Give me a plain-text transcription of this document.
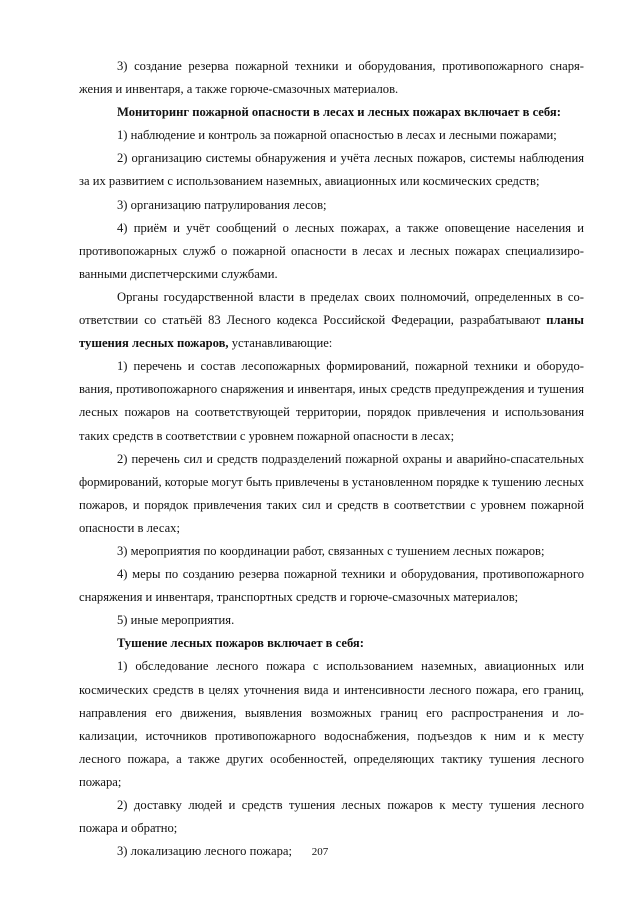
3) создание резерва пожарной техники и оборудования, противопожарного снаряжения и инвентаря, а также горюче-смазочных материалов.

Мониторинг пожарной опасности в лесах и лесных пожарах включает в себя:

1) наблюдение и контроль за пожарной опасностью в лесах и лесными пожарами;

2) организацию системы обнаружения и учёта лесных пожаров, системы наблюдения за их развитием с использованием наземных, авиационных или космических средств;

3) организацию патрулирования лесов;

4) приём и учёт сообщений о лесных пожарах, а также оповещение населения и противопожарных служб о пожарной опасности в лесах и лесных пожарах специализированными диспетчерскими службами.

Органы государственной власти в пределах своих полномочий, определенных в соответствии со статьёй 83 Лесного кодекса Российской Федерации, разрабатывают планы тушения лесных пожаров, устанавливающие:

1) перечень и состав лесопожарных формирований, пожарной техники и оборудования, противопожарного снаряжения и инвентаря, иных средств предупреждения и тушения лесных пожаров на соответствующей территории, порядок привлечения и использования таких средств в соответствии с уровнем пожарной опасности в лесах;

2) перечень сил и средств подразделений пожарной охраны и аварийно-спасательных формирований, которые могут быть привлечены в установленном порядке к тушению лесных пожаров, и порядок привлечения таких сил и средств в соответствии с уровнем пожарной опасности в лесах;

3) мероприятия по координации работ, связанных с тушением лесных пожаров;

4) меры по созданию резерва пожарной техники и оборудования, противопожарного снаряжения и инвентаря, транспортных средств и горюче-смазочных материалов;

5) иные мероприятия.

Тушение лесных пожаров включает в себя:

1) обследование лесного пожара с использованием наземных, авиационных или космических средств в целях уточнения вида и интенсивности лесного пожара, его границ, направления его движения, выявления возможных границ его распространения и локализации, источников противопожарного водоснабжения, подъездов к ним и к месту лесного пожара, а также других особенностей, определяющих тактику тушения лесного пожара;

2) доставку людей и средств тушения лесных пожаров к месту тушения лесного пожара и обратно;

3) локализацию лесного пожара;	207
